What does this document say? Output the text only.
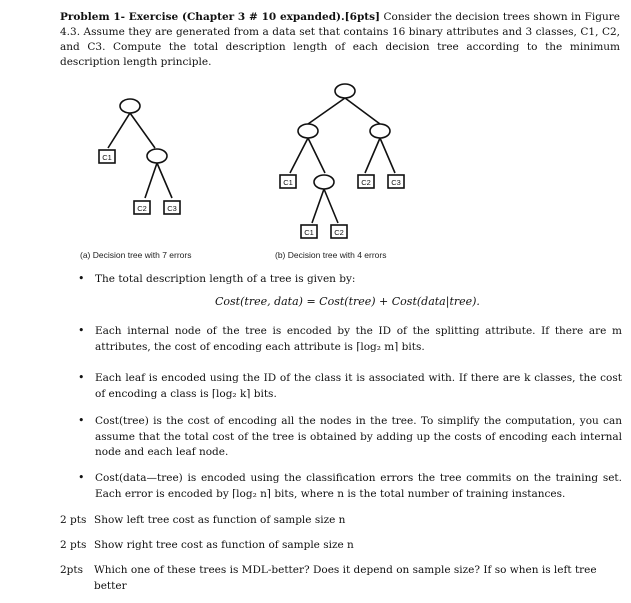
Problem 1- Exercise (Chapter 3 # 10 expanded).[6pts] Consider the decision trees shown in Figure 4.3. Assume they are generated from a data set that contains 16 binary attributes and 3 classes, C1, C2, and C3. Compute the total description length of each decision tree according to the minimum description length principle.
C1
C2	C3
C1	C2	C3
C1	C2
(a) Decision tree with 7 errors	(b) Decision tree with 4 errors
• The total description length of a tree is given by:
Cost(tree, data) = Cost(tree) + Cost(data|tree).
• Each internal node of the tree is encoded by the ID of the splitting attribute. If there are m attributes, the cost of encoding each attribute is ⌈log₂ m⌉ bits.
• Each leaf is encoded using the ID of the class it is associated with. If there are k classes, the cost of encoding a class is ⌈log₂ k⌉ bits.
• Cost(tree) is the cost of encoding all the nodes in the tree. To simplify the computation, you can assume that the total cost of the tree is obtained by adding up the costs of encoding each internal node and each leaf node.
• Cost(data—tree) is encoded using the classification errors the tree commits on the training set. Each error is encoded by ⌈log₂ n⌉ bits, where n is the total number of training instances.
2 pts Show left tree cost as function of sample size n
2 pts Show right tree cost as function of sample size n
2pts Which one of these trees is MDL-better? Does it depend on sample size? If so when is left tree better
